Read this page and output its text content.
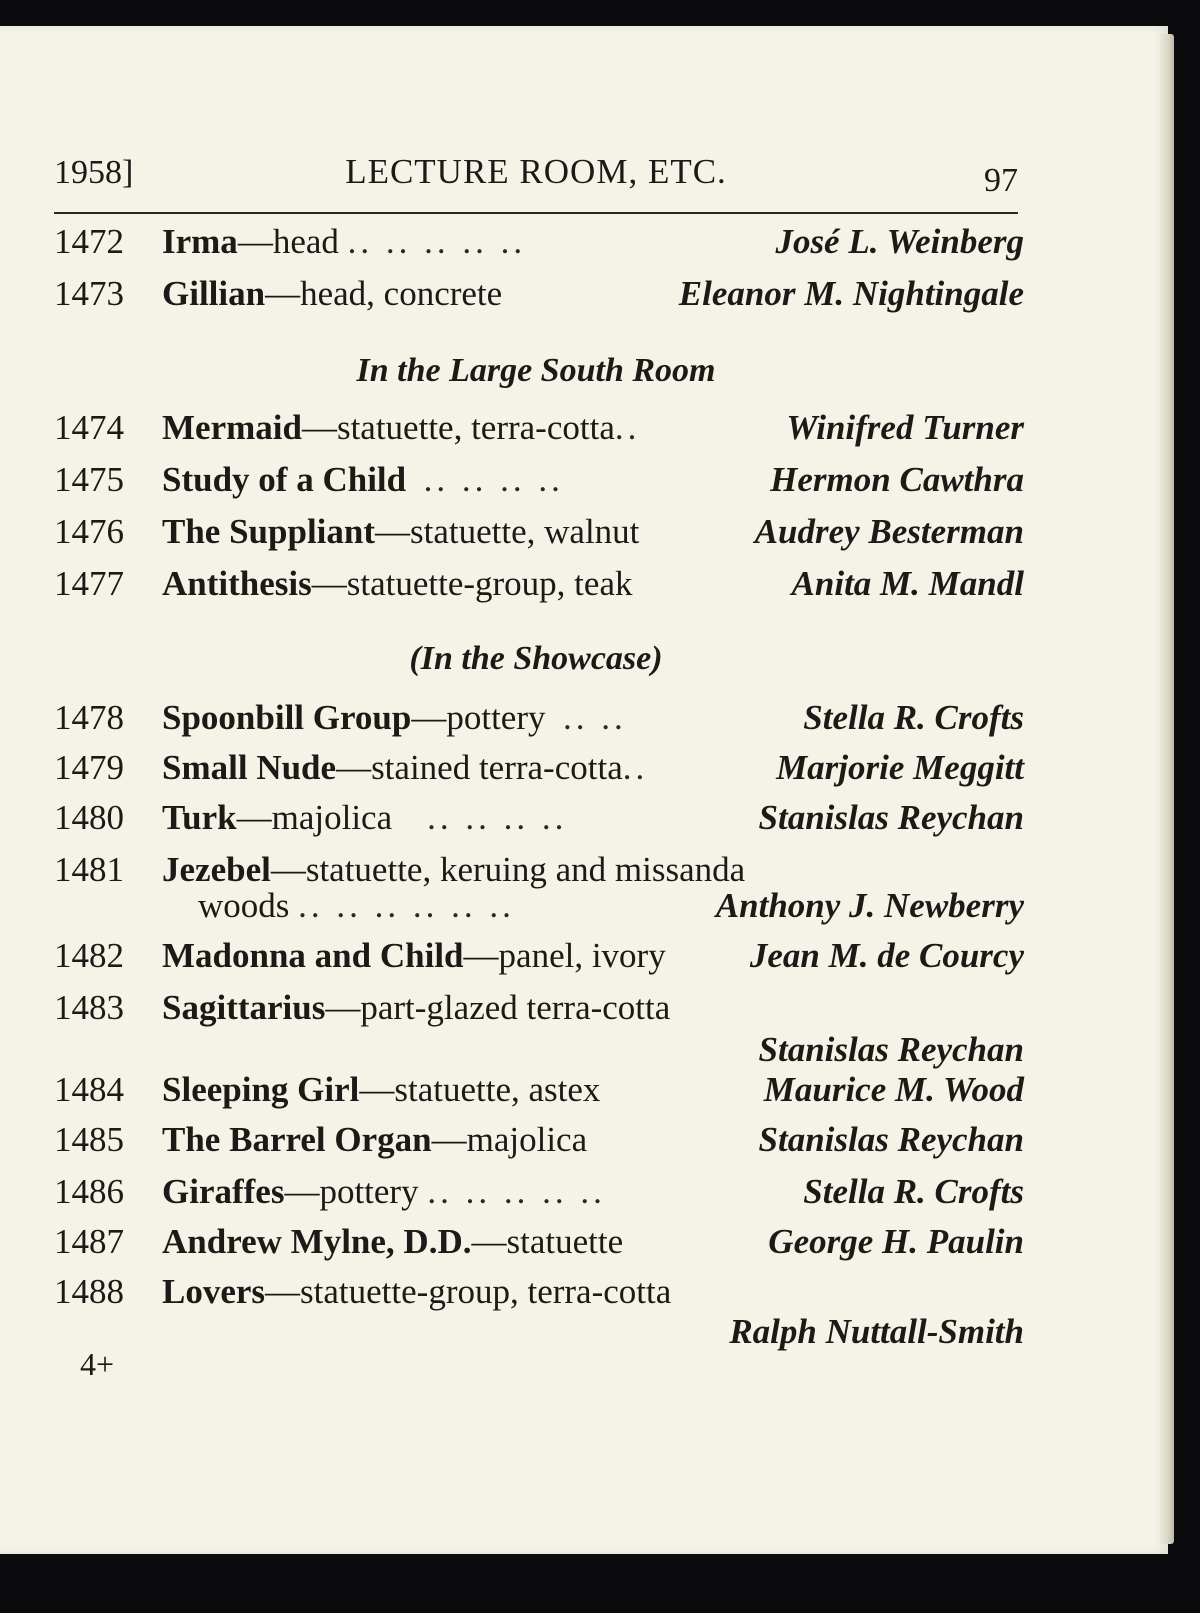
1958]	LECTURE ROOM, ETC.	97
1472 Irma—head .. .. .. .. ..	José L. Weinberg
1473 Gillian—head, concrete	Eleanor M. Nightingale
In the Large South Room
1474 Mermaid—statuette, terra-cotta..	Winifred Turner
1475 Study of a Child .. .. .. ..	Hermon Cawthra
1476 The Suppliant—statuette, walnut	Audrey Besterman
1477 Antithesis—statuette-group, teak	Anita M. Mandl
(In the Showcase)
1478 Spoonbill Group—pottery .. ..	Stella R. Crofts
1479 Small Nude—stained terra-cotta..	Marjorie Meggitt
1480 Turk—majolica .. .. .. ..	Stanislas Reychan
1481 Jezebel—statuette, keruing and missanda
woods .. .. .. .. .. ..	Anthony J. Newberry
1482 Madonna and Child—panel, ivory Jean M. de Courcy
1483 Sagittarius—part-glazed terra-cotta
Stanislas Reychan
1484 Sleeping Girl—statuette, astex	Maurice M. Wood
1485 The Barrel Organ—majolica	Stanislas Reychan
1486 Giraffes—pottery .. .. .. .. ..	Stella R. Crofts
1487 Andrew Mylne, D.D.—statuette	George H. Paulin
1488 Lovers—statuette-group, terra-cotta
Ralph Nuttall-Smith
4+
